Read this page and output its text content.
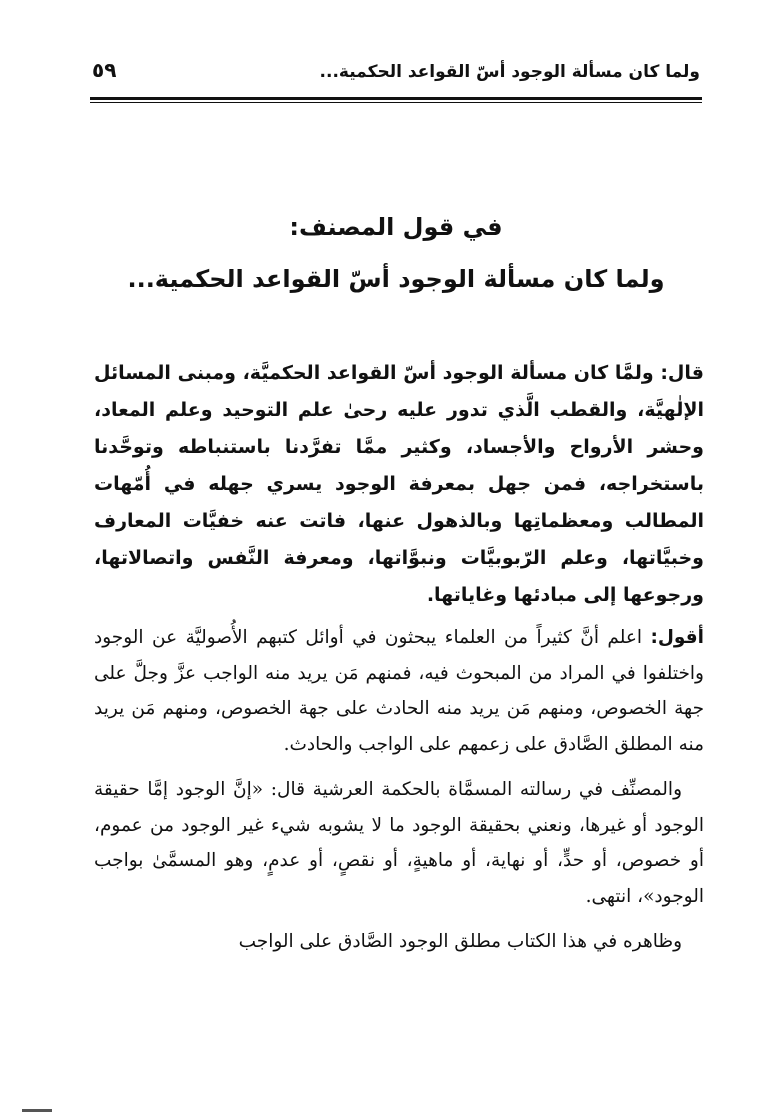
ولما كان مسألة الوجود أسّ القواعد الحكمية...
٥٩
في قول المصنف:
ولما كان مسألة الوجود أسّ القواعد الحكمية...

قال: ولمَّا كان مسألة الوجود أسّ القواعد الحكميَّة، ومبنى المسائل الإلٰهيَّة، والقطب الَّذي تدور عليه رحىٰ علم التوحيد وعلم المعاد، وحشر الأرواح والأجساد، وكثير ممَّا تفرَّدنا باستنباطه وتوحَّدنا باستخراجه، فمن جهل بمعرفة الوجود يسري جهله في أُمّهات المطالب ومعظماتِها وبالذهول عنها، فاتت عنه خفيَّات المعارف وخبيَّاتها، وعلم الرّبوبيَّات ونبوَّاتها، ومعرفة النَّفس واتصالاتها، ورجوعها إلى مبادئها وغاياتها.

أقول: اعلم أنَّ كثيراً من العلماء يبحثون في أوائل كتبهم الأُصوليَّة عن الوجود واختلفوا في المراد من المبحوث فيه، فمنهم مَن يريد منه الواجب عزَّ وجلَّ على جهة الخصوص، ومنهم مَن يريد منه الحادث على جهة الخصوص، ومنهم مَن يريد منه المطلق الصَّادق على زعمهم على الواجب والحادث.

والمصنِّف في رسالته المسمَّاة بالحكمة العرشية قال: «إنَّ الوجود إمَّا حقيقة الوجود أو غيرها، ونعني بحقيقة الوجود ما لا يشوبه شيء غير الوجود من عموم، أو خصوص، أو حدٍّ، أو نهاية، أو ماهيةٍ، أو نقصٍ، أو عدمٍ، وهو المسمَّىٰ بواجب الوجود»، انتهى.

وظاهره في هذا الكتاب مطلق الوجود الصَّادق على الواجب
